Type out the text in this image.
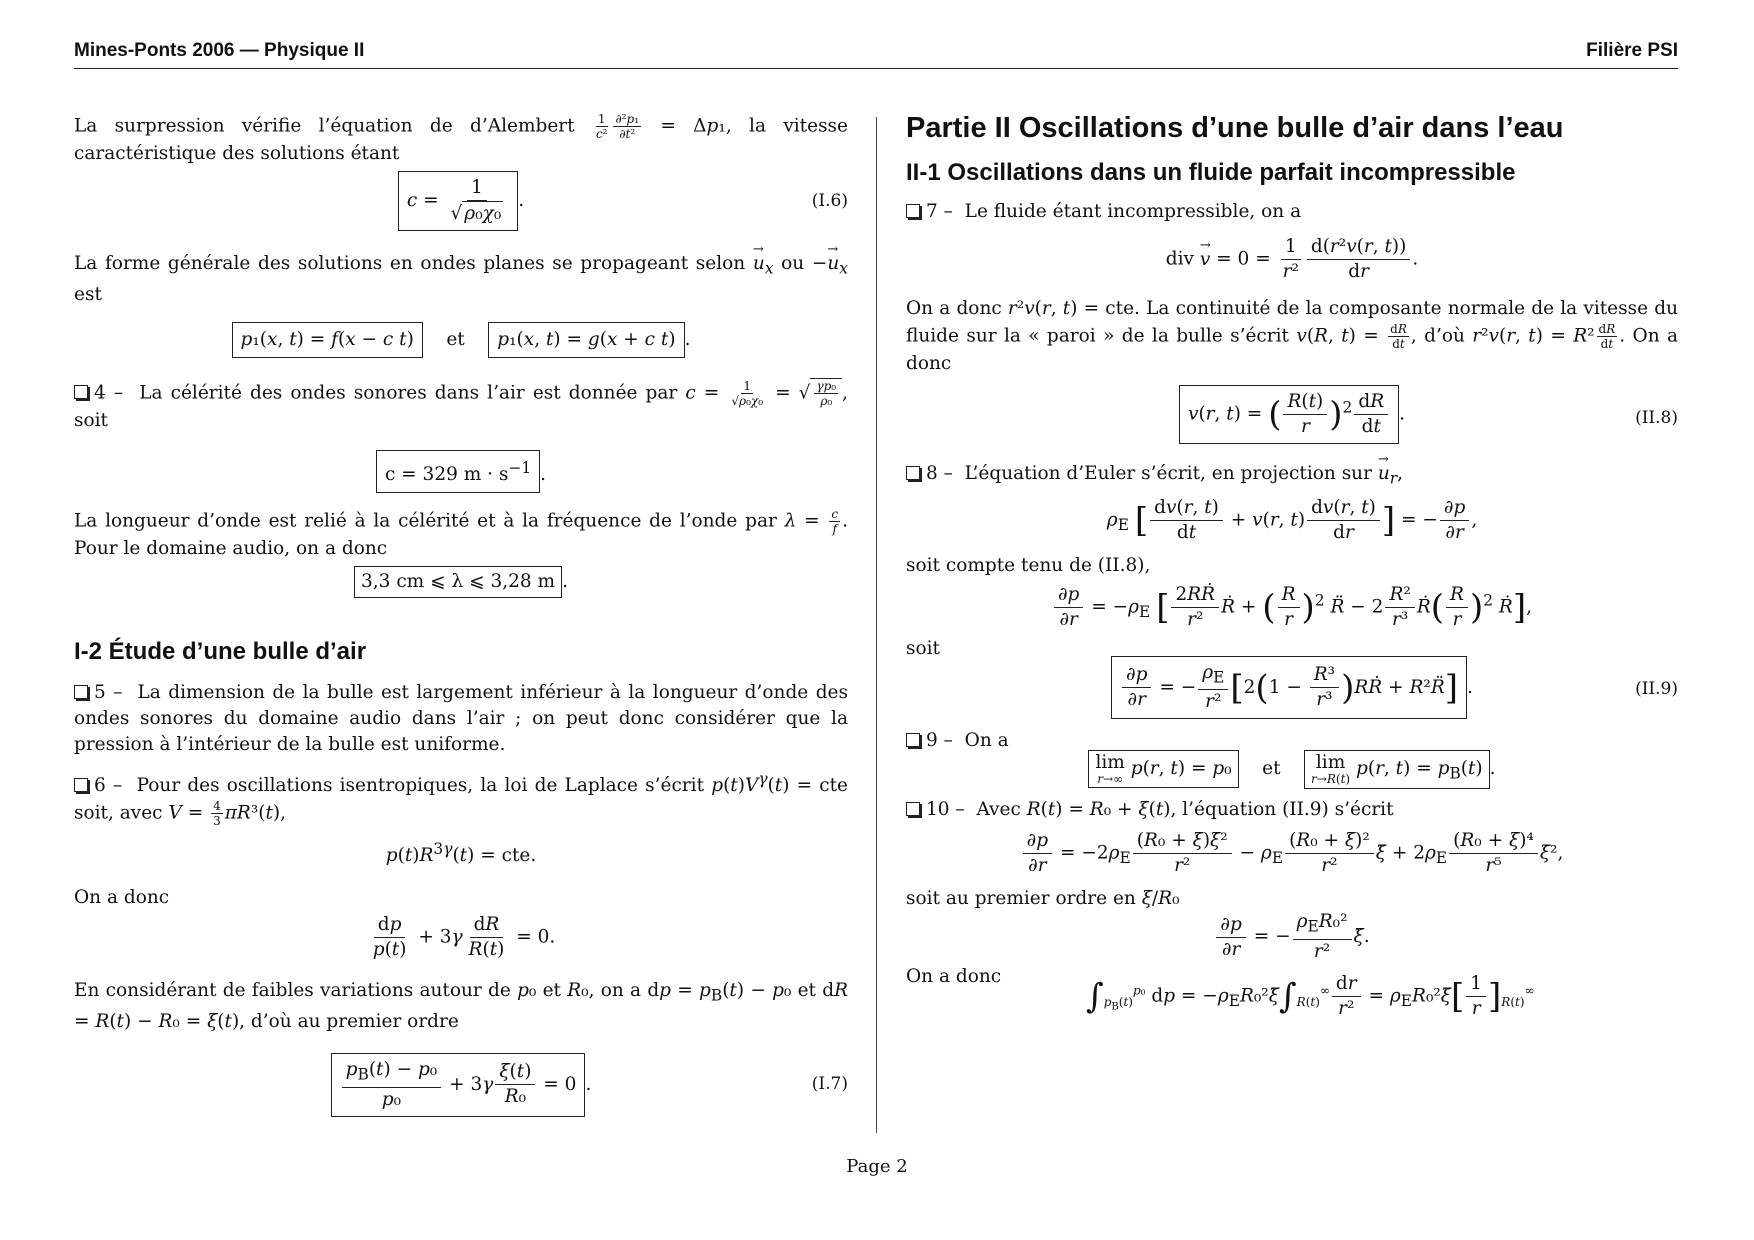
Mines-Ponts 2006 — Physique II	Filière PSI

La surpression vérifie l’équation de d’Alembert $\frac{1}{\text{c²}} \frac{\text{∂²p₁}}{\text{∂t²}} = \Delta p_1$, la vitesse caractéristique des solutions étant

$c = \frac{1}{\text{√ ρ₀χ₀}}$ .	(I.6)

La forme générale des solutions en ondes planes se propageant selon → $u_x$ ou −→ $u_x$ est

p₁(x, t) = f(x − c t) et p₁(x, t) = g(x + c t) .

4 – La célérité des ondes sonores dans l’air est donnée par $c = \frac{1}{\text{√ρ₀χ₀}}$ = √ $\frac{\text{γp₀}}{\text{ρ₀}}$ , soit

c = 329 $m \cdot s^{-1}$ .

La longueur d’onde est relié à la célérité et à la fréquence de l’onde par $\lambda = \frac{c}{f}$ . Pour le domaine audio, on a donc

3,3 cm ⩽ λ ⩽ 3,28 m .
I-2 Étude d’une bulle d’air

5 – La dimension de la bulle est largement inférieur à la longueur d’onde des ondes sonores du domaine audio dans l’air ; on peut donc considérer que la pression à l’intérieur de la bulle est uniforme.

6 – Pour des oscillations isentropiques, la loi de Laplace s’écrit $p(t)V^\gamma(t)$ = cte soit, avec $V = \frac{4}{3} \pi R^3(t)$,

$p(t)R^{3\gamma}(t)$ = cte.

On a donc

$\frac{dp}{p(t)} + 3\gamma \frac{dR}{R(t)} = 0$.

En considérant de faibles variations autour de p₀ et R₀, on a dp = $p_B(t) - p_0$ et dR = R(t) − R₀ = ξ(t), d’où au premier ordre

$\frac{p_B(t) - p_0}{\text{p₀}} + 3\gamma \frac{\xi(t)}{\text{R₀}} = 0$ .	(I.7)
Partie II Oscillations d’une bulle d’air dans l’eau
II-1 Oscillations dans un fluide parfait incompressible

7 – Le fluide étant incompressible, on a

div → $v = 0 = \frac{1}{\text{r²}} \frac{\text{d(r²v(r, t))}}{dr}$ .

On a donc r²v(r, t) = cte. La continuité de la composante normale de la vitesse du fluide sur la « paroi » de la bulle s’écrit v(R, $t) = \frac{dR}{dt}$ , d’où r²v(r, $t) = R^2 \frac{dR}{dt}$ . On a donc

v(r, t) = ( $\frac{R(t)}{r} )^2 \frac{dR}{dt}$ .	(II.8)

8 – L’équation d’Euler s’écrit, en projection sur → $u_r$,

$\rho_E$ [ $\frac{dv(r, t)}{dt} + v(r$, $t) \frac{dv(r, t)}{dr}$ ] = − $\frac{\partial p}{\partial r}$ ,

soit compte tenu de (II.8),

$\frac{\partial p}{\partial r} = -\rho_E$ [ $\frac{\text{2RṘ}}{\text{r²}}$ Ṙ + ( $\frac{R}{r} )^2$ R̈ − $2 \frac{\text{R²}}{\text{r³}}$ Ṙ( $\frac{R}{r} )^2$ Ṙ],

soit

$\frac{\partial p}{\partial r}$ = − $\frac{\rho_E}{\text{r²}} [2(1 - \frac{\text{R³}}{\text{r³}}$ )RṘ + R²R̈] .	(II.9)

9 – On a

lim
r→∞ p(r, t) = p₀ et lim
r→R(t) p(r, $t) = p_B(t)$ .

10 – Avec R(t) = R₀ + ξ(t), l’équation (II.9) s’écrit

$\frac{\partial p}{\partial r} = -2\rho_E \frac{\text{(R₀ + ξ)ξ̇²}}{\text{r²}} - \rho_E \frac{\text{(R₀ + ξ)²}}{\text{r²}}$ ξ̈ + $2\rho_E \frac{\text{(R₀ + ξ)⁴}}{\text{r⁵}}$ ξ̇²,

soit au premier ordre en ξ/R₀

$\frac{\partial p}{\partial r}$ = − $\frac{\rho_ER_0^2}{\text{r²}}$ ξ̈.

On a donc $\int_{p_B(t)}^{p_0}$ dp = $-\rho_ER_0^2\xï\int_{R(t)}^\infty \frac{dr}{\text{r²}}$ = $\rho_ER_0^2\xï[ \frac{1}{r} ]_{R(t)}^\infty$
Page 2
